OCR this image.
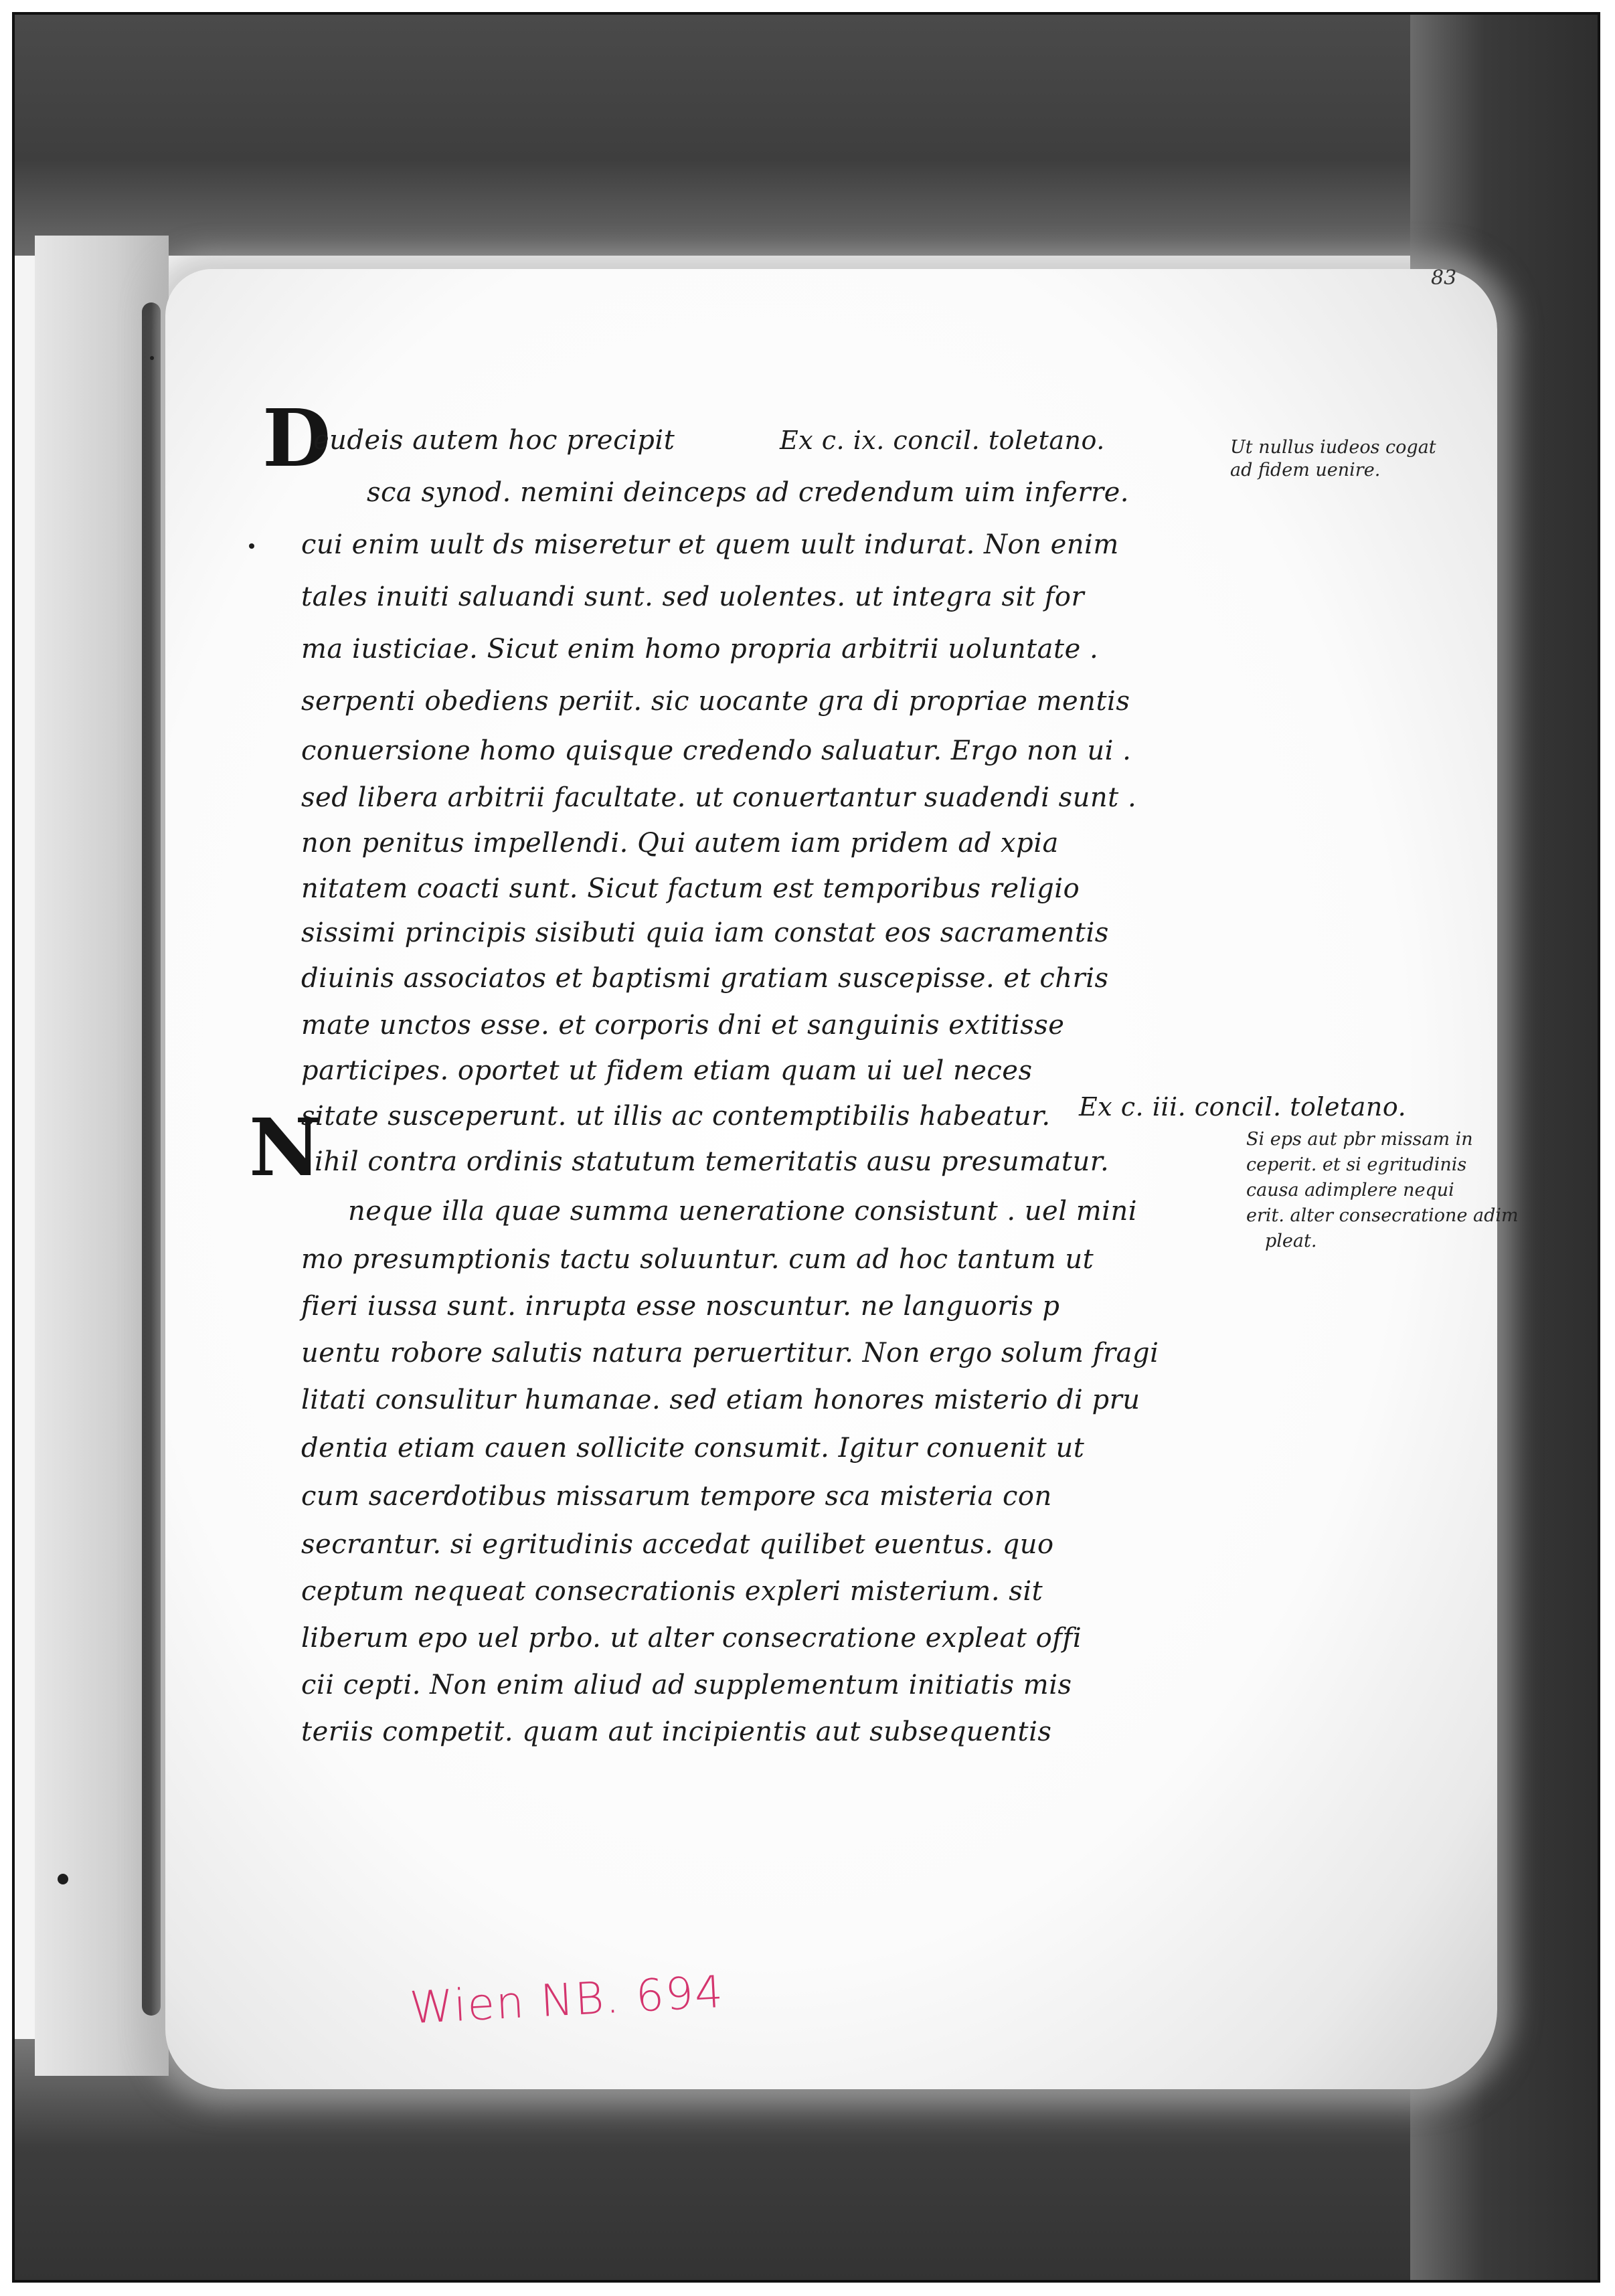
83
D

eudeis autem hoc precipit	Ex c. ix. concil. toletano.

sca synod. nemini deinceps ad credendum uim inferre.

cui enim uult ds miseretur et quem uult indurat. Non enim

tales inuiti saluandi sunt. sed uolentes. ut integra sit for

ma iusticiae. Sicut enim homo propria arbitrii uoluntate .

serpenti obediens periit. sic uocante gra di propriae mentis

conuersione homo quisque credendo saluatur. Ergo non ui .

sed libera arbitrii facultate. ut conuertantur suadendi sunt .

non penitus impellendi. Qui autem iam pridem ad xpia

nitatem coacti sunt. Sicut factum est temporibus religio

sissimi principis sisibuti quia iam constat eos sacramentis

diuinis associatos et baptismi gratiam suscepisse. et chris

mate unctos esse. et corporis dni et sanguinis extitisse

participes. oportet ut fidem etiam quam ui uel neces

sitate susceperunt. ut illis ac contemptibilis habeatur. Ex c. iii. concil. toletano.

N

ihil contra ordinis statutum temeritatis ausu presumatur.

neque illa quae summa ueneratione consistunt . uel mini

mo presumptionis tactu soluuntur. cum ad hoc tantum ut

fieri iussa sunt. inrupta esse noscuntur. ne languoris p

uentu robore salutis natura peruertitur. Non ergo solum fragi

litati consulitur humanae. sed etiam honores misterio di pru

dentia etiam cauen sollicite consumit. Igitur conuenit ut

cum sacerdotibus missarum tempore sca misteria con

secrantur. si egritudinis accedat quilibet euentus. quo

ceptum nequeat consecrationis expleri misterium. sit

liberum epo uel prbo. ut alter consecratione expleat offi

cii cepti. Non enim aliud ad supplementum initiatis mis

teriis competit. quam aut incipientis aut subsequentis

Ut nullus iudeos cogat

ad fidem uenire.

Si eps aut pbr missam in

ceperit. et si egritudinis

causa adimplere nequi

erit. alter consecratione adim

pleat.

Wien NB. 694
